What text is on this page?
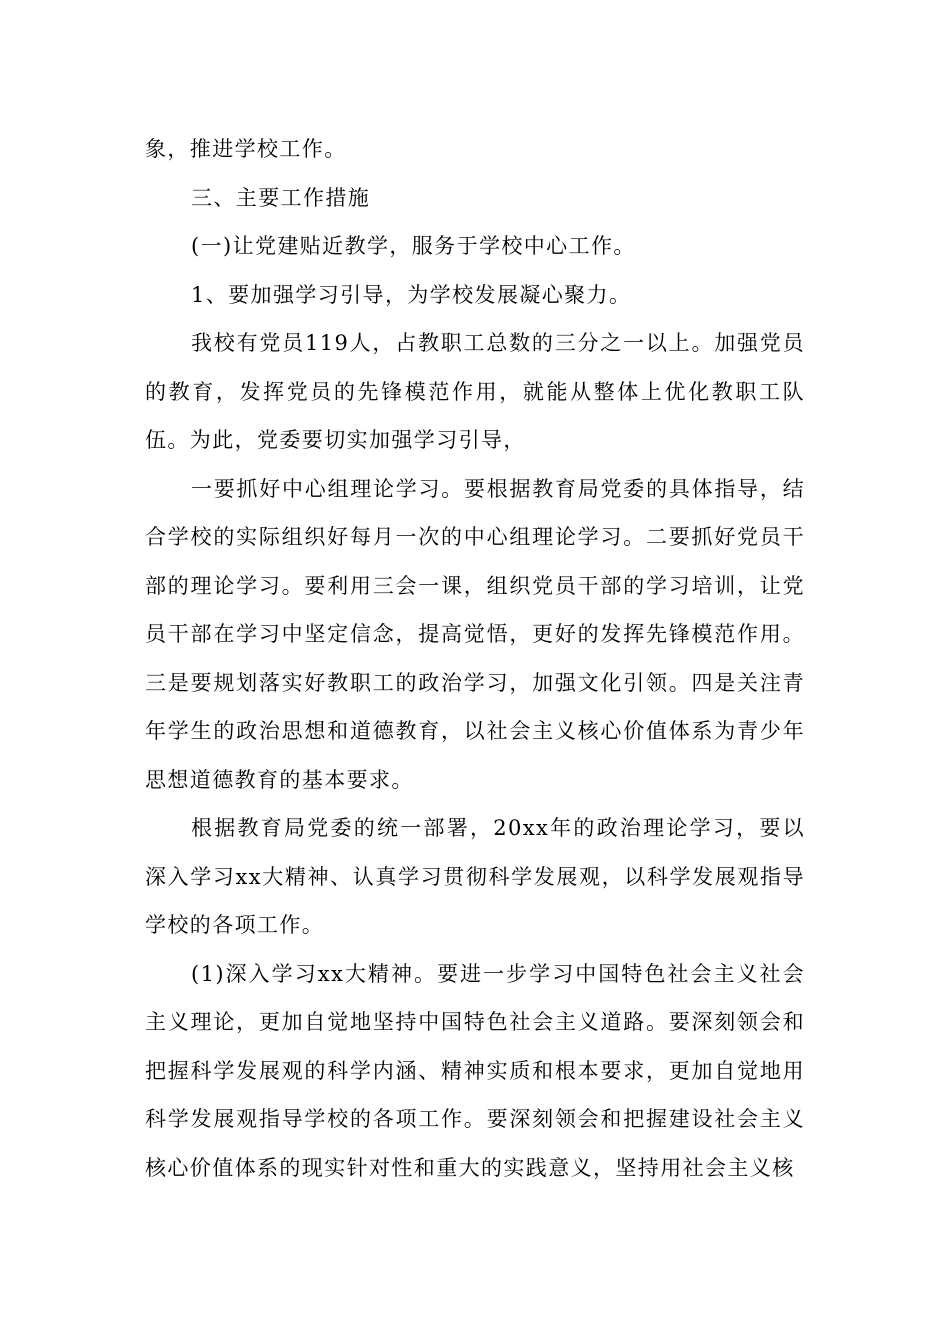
象，推进学校工作。

三、主要工作措施

(一)让党建贴近教学，服务于学校中心工作。

1、要加强学习引导，为学校发展凝心聚力。

我校有党员119人，占教职工总数的三分之一以上。加强党员的教育，发挥党员的先锋模范作用，就能从整体上优化教职工队伍。为此，党委要切实加强学习引导，

一要抓好中心组理论学习。要根据教育局党委的具体指导，结合学校的实际组织好每月一次的中心组理论学习。二要抓好党员干部的理论学习。要利用三会一课，组织党员干部的学习培训，让党员干部在学习中坚定信念，提高觉悟，更好的发挥先锋模范作用。三是要规划落实好教职工的政治学习，加强文化引领。四是关注青年学生的政治思想和道德教育，以社会主义核心价值体系为青少年思想道德教育的基本要求。

根据教育局党委的统一部署，20xx年的政治理论学习，要以深入学习xx大精神、认真学习贯彻科学发展观，以科学发展观指导学校的各项工作。

(1)深入学习xx大精神。要进一步学习中国特色社会主义社会主义理论，更加自觉地坚持中国特色社会主义道路。要深刻领会和把握科学发展观的科学内涵、精神实质和根本要求，更加自觉地用科学发展观指导学校的各项工作。要深刻领会和把握建设社会主义核心价值体系的现实针对性和重大的实践意义，坚持用社会主义核
